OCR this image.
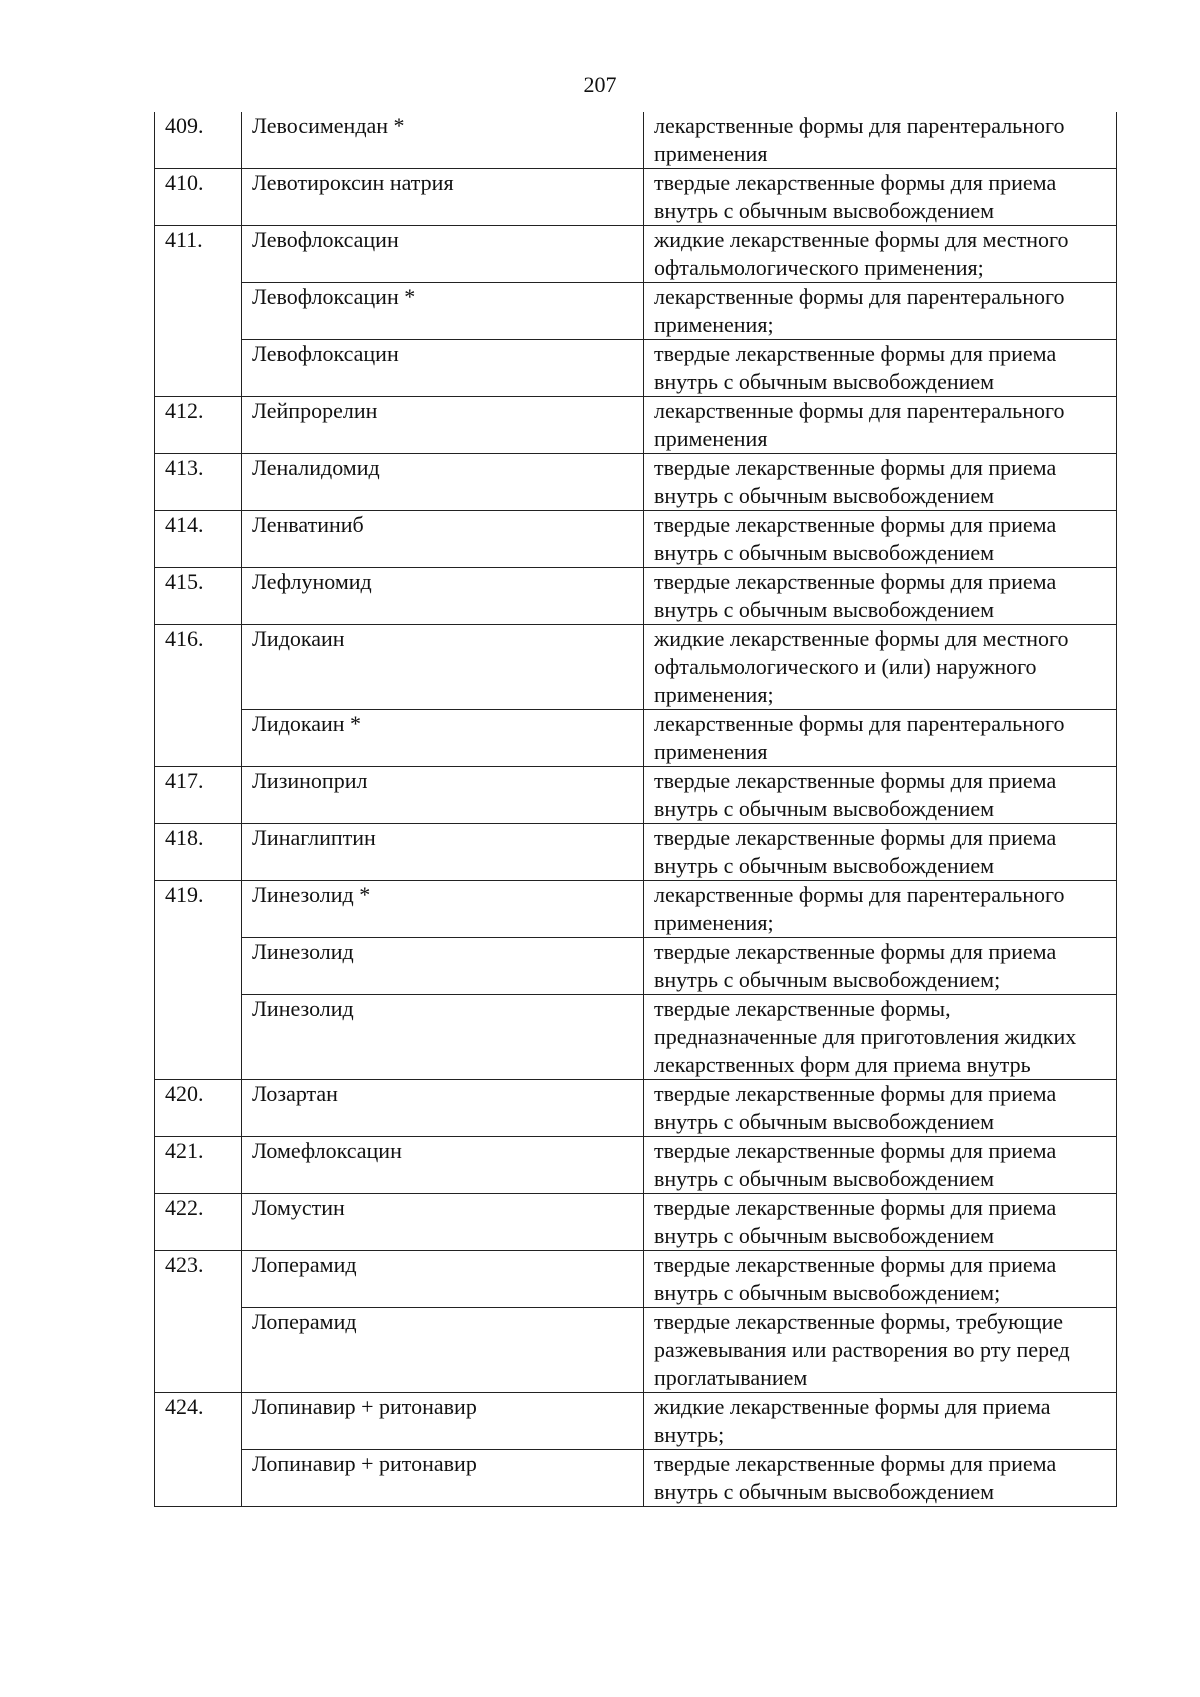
207
409.	Левосимендан *	лекарственные формы для парентерального применения
410.	Левотироксин натрия	твердые лекарственные формы для приема внутрь с обычным высвобождением
411.	Левофлоксацин	жидкие лекарственные формы для местного офтальмологического применения;
	Левофлоксацин *	лекарственные формы для парентерального применения;
	Левофлоксацин	твердые лекарственные формы для приема внутрь с обычным высвобождением
412.	Лейпрорелин	лекарственные формы для парентерального применения
413.	Леналидомид	твердые лекарственные формы для приема внутрь с обычным высвобождением
414.	Ленватиниб	твердые лекарственные формы для приема внутрь с обычным высвобождением
415.	Лефлуномид	твердые лекарственные формы для приема внутрь с обычным высвобождением
416.	Лидокаин	жидкие лекарственные формы для местного офтальмологического и (или) наружного применения;
	Лидокаин *	лекарственные формы для парентерального применения
417.	Лизиноприл	твердые лекарственные формы для приема внутрь с обычным высвобождением
418.	Линаглиптин	твердые лекарственные формы для приема внутрь с обычным высвобождением
419.	Линезолид *	лекарственные формы для парентерального применения;
	Линезолид	твердые лекарственные формы для приема внутрь с обычным высвобождением;
	Линезолид	твердые лекарственные формы, предназначенные для приготовления жидких лекарственных форм для приема внутрь
420.	Лозартан	твердые лекарственные формы для приема внутрь с обычным высвобождением
421.	Ломефлоксацин	твердые лекарственные формы для приема внутрь с обычным высвобождением
422.	Ломустин	твердые лекарственные формы для приема внутрь с обычным высвобождением
423.	Лоперамид	твердые лекарственные формы для приема внутрь с обычным высвобождением;
	Лоперамид	твердые лекарственные формы, требующие разжевывания или растворения во рту перед проглатыванием
424.	Лопинавир + ритонавир	жидкие лекарственные формы для приема внутрь;
	Лопинавир + ритонавир	твердые лекарственные формы для приема внутрь с обычным высвобождением
